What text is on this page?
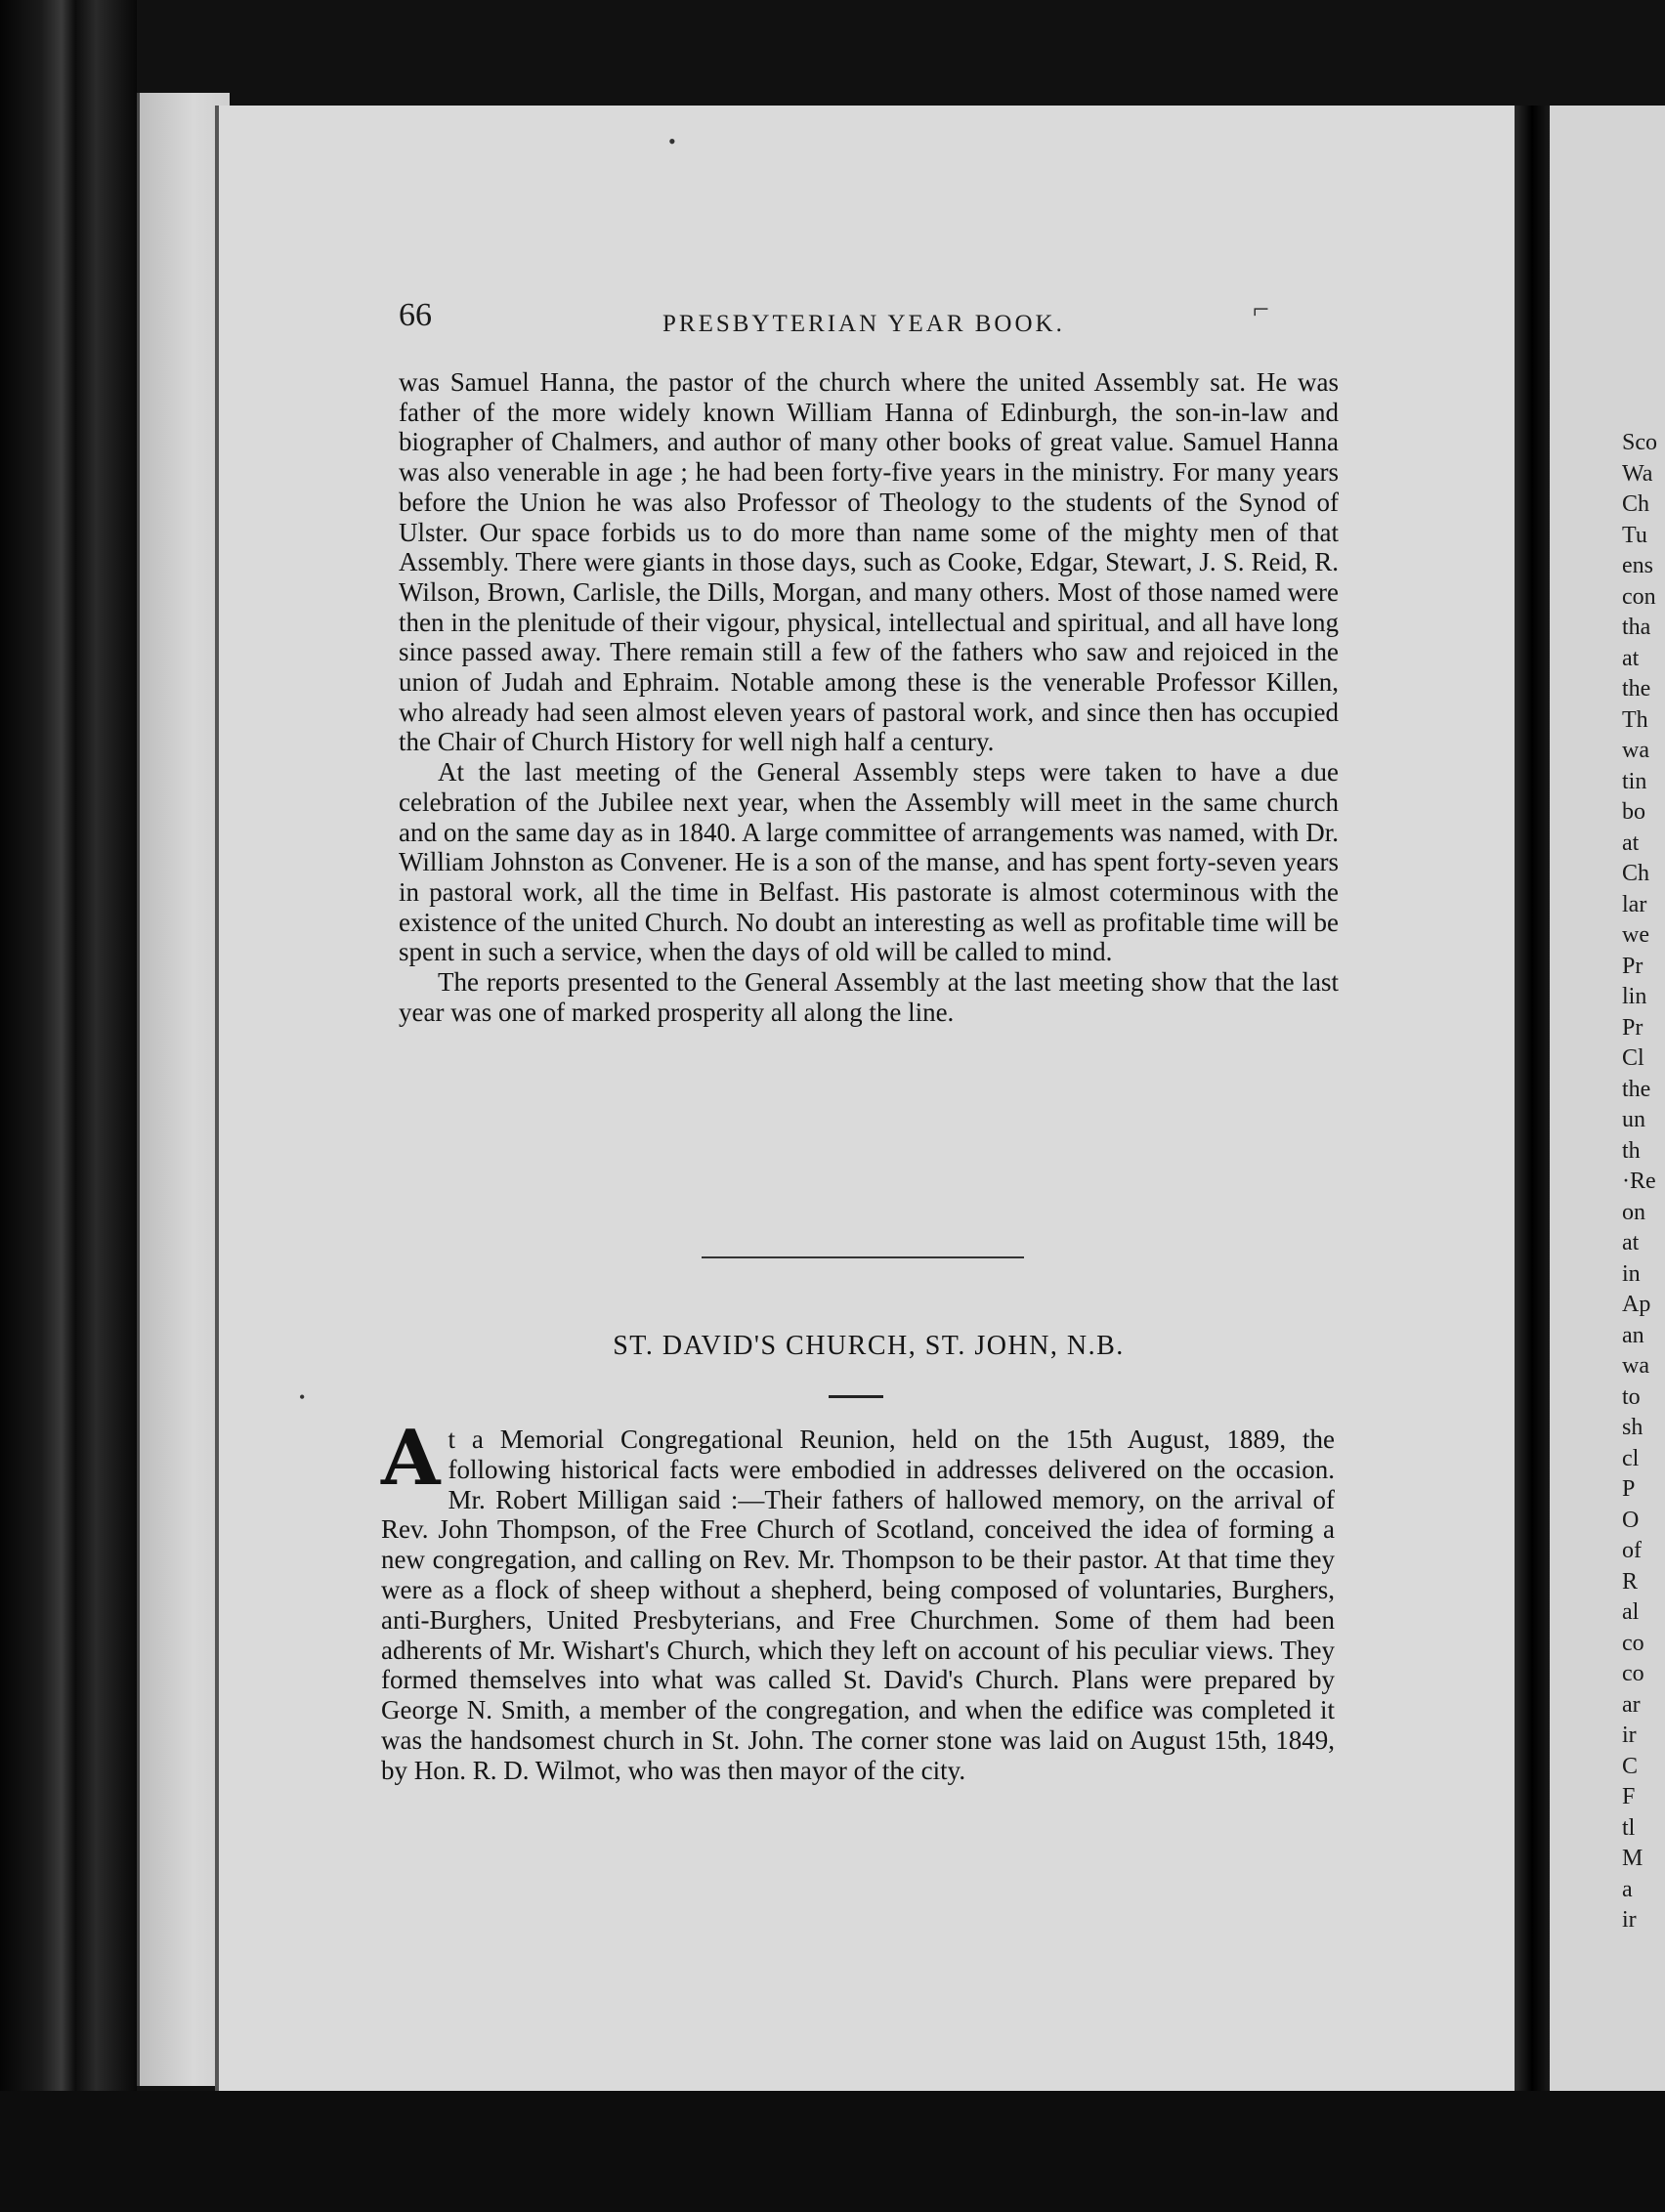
•
⌐
66	PRESBYTERIAN YEAR BOOK.

was Samuel Hanna, the pastor of the church where the united Assembly sat. He was father of the more widely known William Hanna of Edinburgh, the son-in-law and biographer of Chalmers, and author of many other books of great value. Samuel Hanna was also venerable in age ; he had been forty-five years in the ministry. For many years before the Union he was also Professor of Theology to the students of the Synod of Ulster. Our space forbids us to do more than name some of the mighty men of that Assembly. There were giants in those days, such as Cooke, Edgar, Stewart, J. S. Reid, R. Wilson, Brown, Carlisle, the Dills, Morgan, and many others. Most of those named were then in the plenitude of their vigour, physical, intellectual and spiritual, and all have long since passed away. There remain still a few of the fathers who saw and rejoiced in the union of Judah and Ephraim. Notable among these is the venerable Professor Killen, who already had seen almost eleven years of pastoral work, and since then has occupied the Chair of Church History for well nigh half a century.

At the last meeting of the General Assembly steps were taken to have a due celebration of the Jubilee next year, when the Assembly will meet in the same church and on the same day as in 1840. A large committee of arrangements was named, with Dr. William Johnston as Convener. He is a son of the manse, and has spent forty-seven years in pastoral work, all the time in Belfast. His pastorate is almost coterminous with the existence of the united Church. No doubt an interesting as well as profitable time will be spent in such a service, when the days of old will be called to mind.

The reports presented to the General Assembly at the last meeting show that the last year was one of marked prosperity all along the line.

ST. DAVID'S CHURCH, ST. JOHN, N.B.

A t a Memorial Congregational Reunion, held on the 15th August, 1889, the following historical facts were embodied in addresses delivered on the occasion. Mr. Robert Milligan said :—Their fathers of hallowed memory, on the arrival of Rev. John Thompson, of the Free Church of Scotland, conceived the idea of forming a new congregation, and calling on Rev. Mr. Thompson to be their pastor. At that time they were as a flock of sheep without a shepherd, being composed of voluntaries, Burghers, anti-Burghers, United Presbyterians, and Free Churchmen. Some of them had been adherents of Mr. Wishart's Church, which they left on account of his peculiar views. They formed themselves into what was called St. David's Church. Plans were prepared by George N. Smith, a member of the congregation, and when the edifice was completed it was the handsomest church in St. John. The corner stone was laid on August 15th, 1849, by Hon. R. D. Wilmot, who was then mayor of the city.

•
Sco
Wa
Ch
Tu
ens
con
tha
at
the
Th
wa
tin
bo
at
Ch
lar
we
Pr
lin
Pr
Cl
the
un
th
·Re
on
at
in
Ap
an
wa
to
sh
cl
P
O
of
R
al
co
co
ar
ir
C
F
tl
M
a
ir
